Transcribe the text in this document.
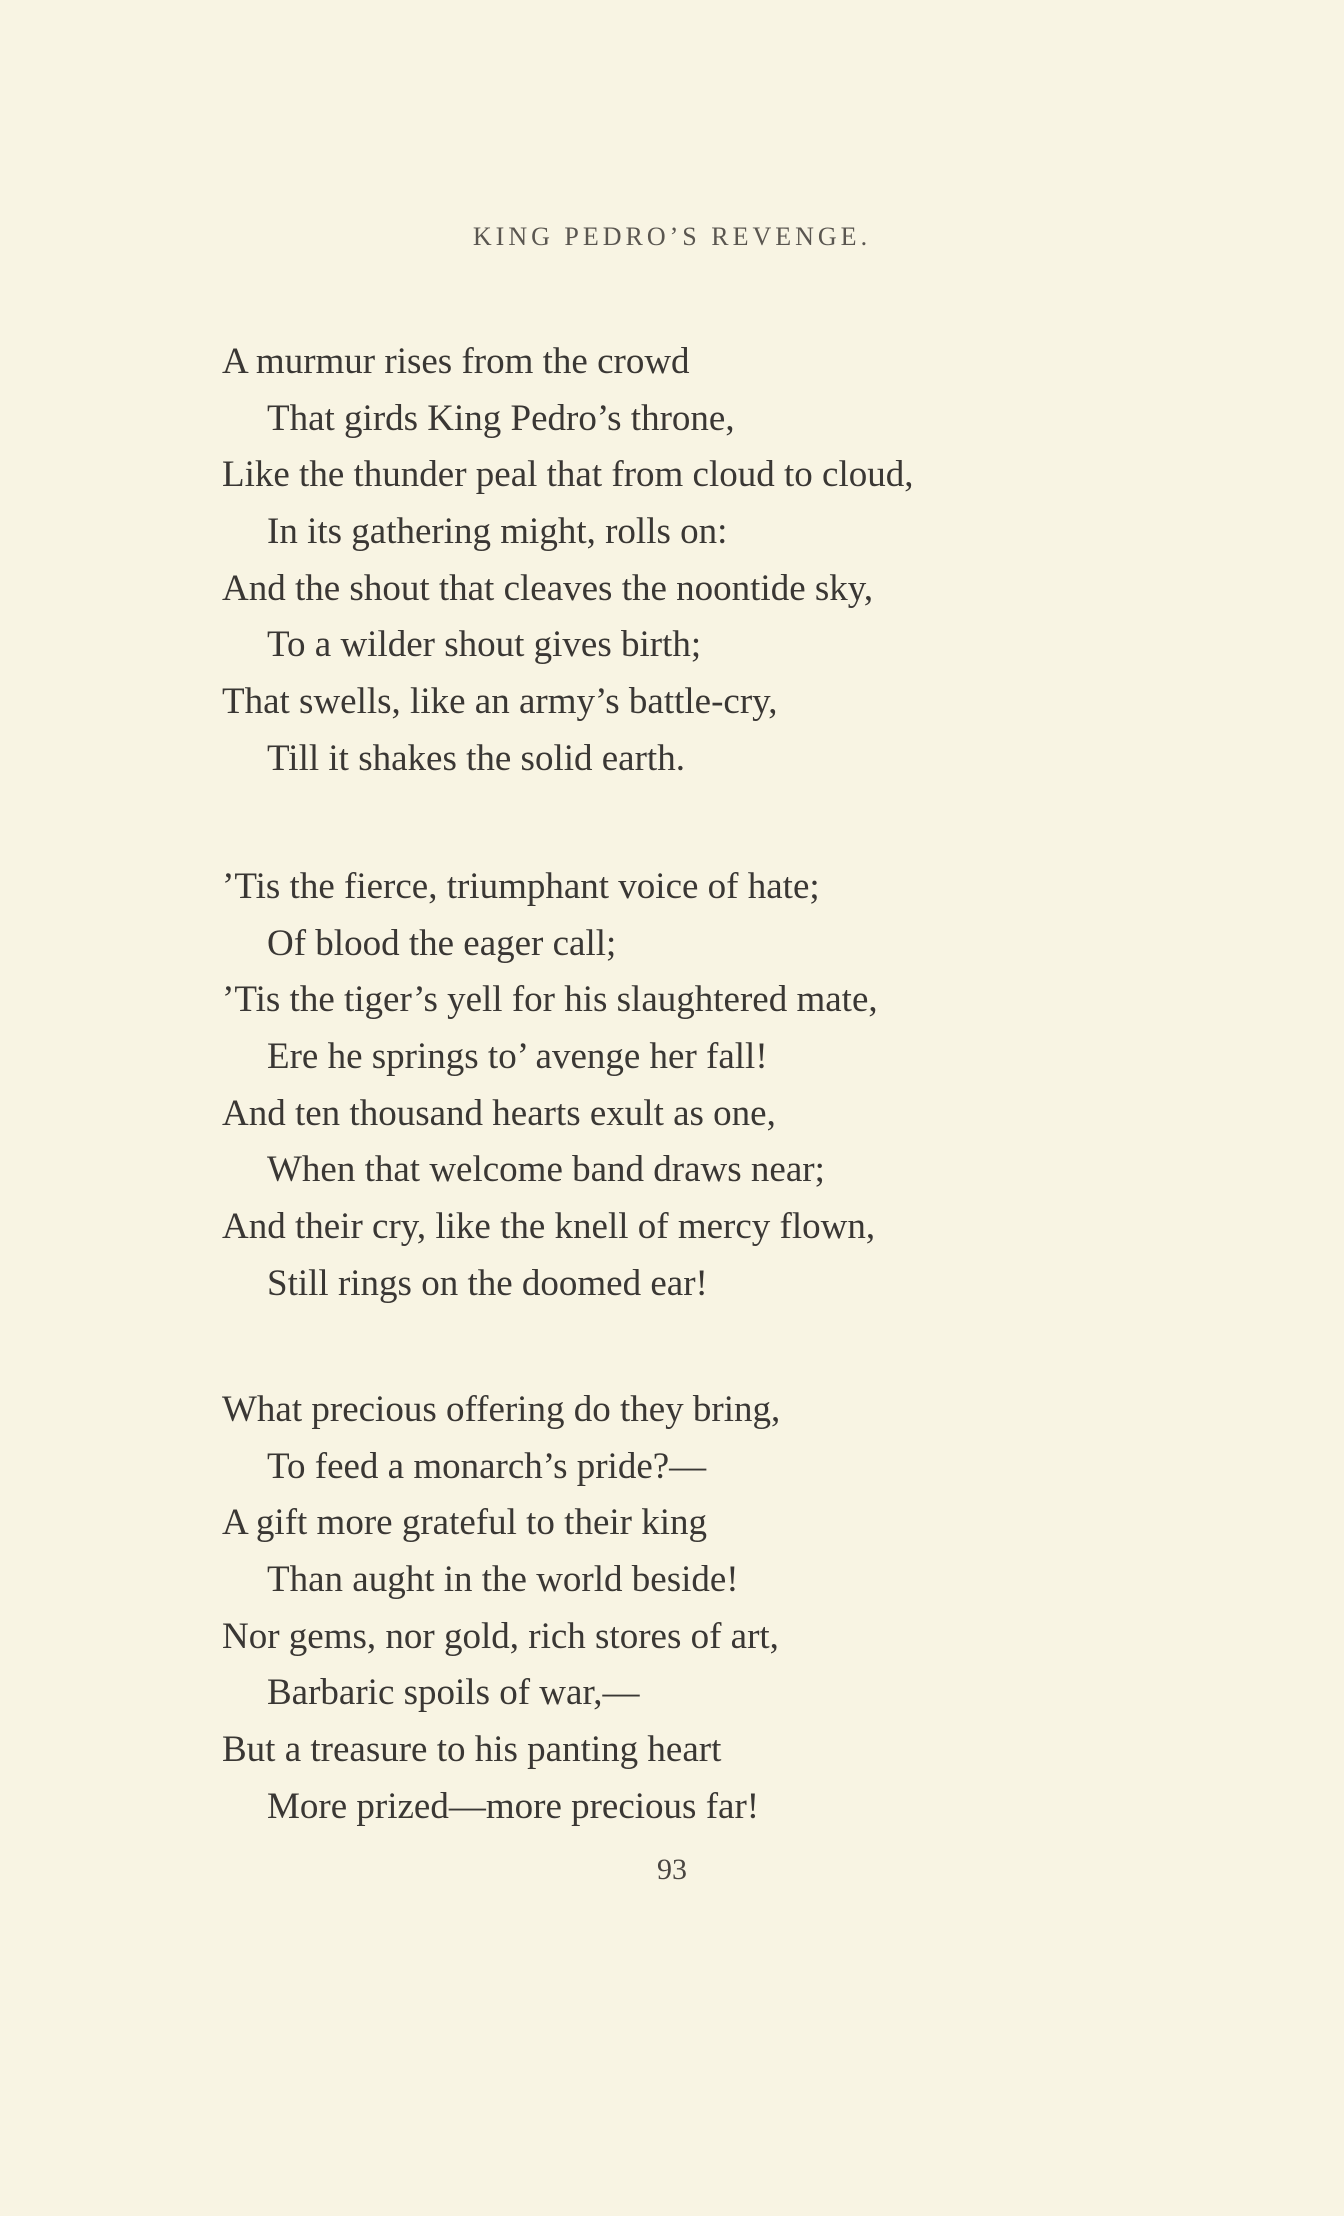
KING PEDRO’S REVENGE.
A murmur rises from the crowd
That girds King Pedro’s throne,
Like the thunder peal that from cloud to cloud,
In its gathering might, rolls on:
And the shout that cleaves the noontide sky,
To a wilder shout gives birth;
That swells, like an army’s battle-cry,
Till it shakes the solid earth.
’Tis the fierce, triumphant voice of hate;
Of blood the eager call;
’Tis the tiger’s yell for his slaughtered mate,
Ere he springs to’ avenge her fall!
And ten thousand hearts exult as one,
When that welcome band draws near;
And their cry, like the knell of mercy flown,
Still rings on the doomed ear!
What precious offering do they bring,
To feed a monarch’s pride?—
A gift more grateful to their king
Than aught in the world beside!
Nor gems, nor gold, rich stores of art,
Barbaric spoils of war,—
But a treasure to his panting heart
More prized—more precious far!
93
